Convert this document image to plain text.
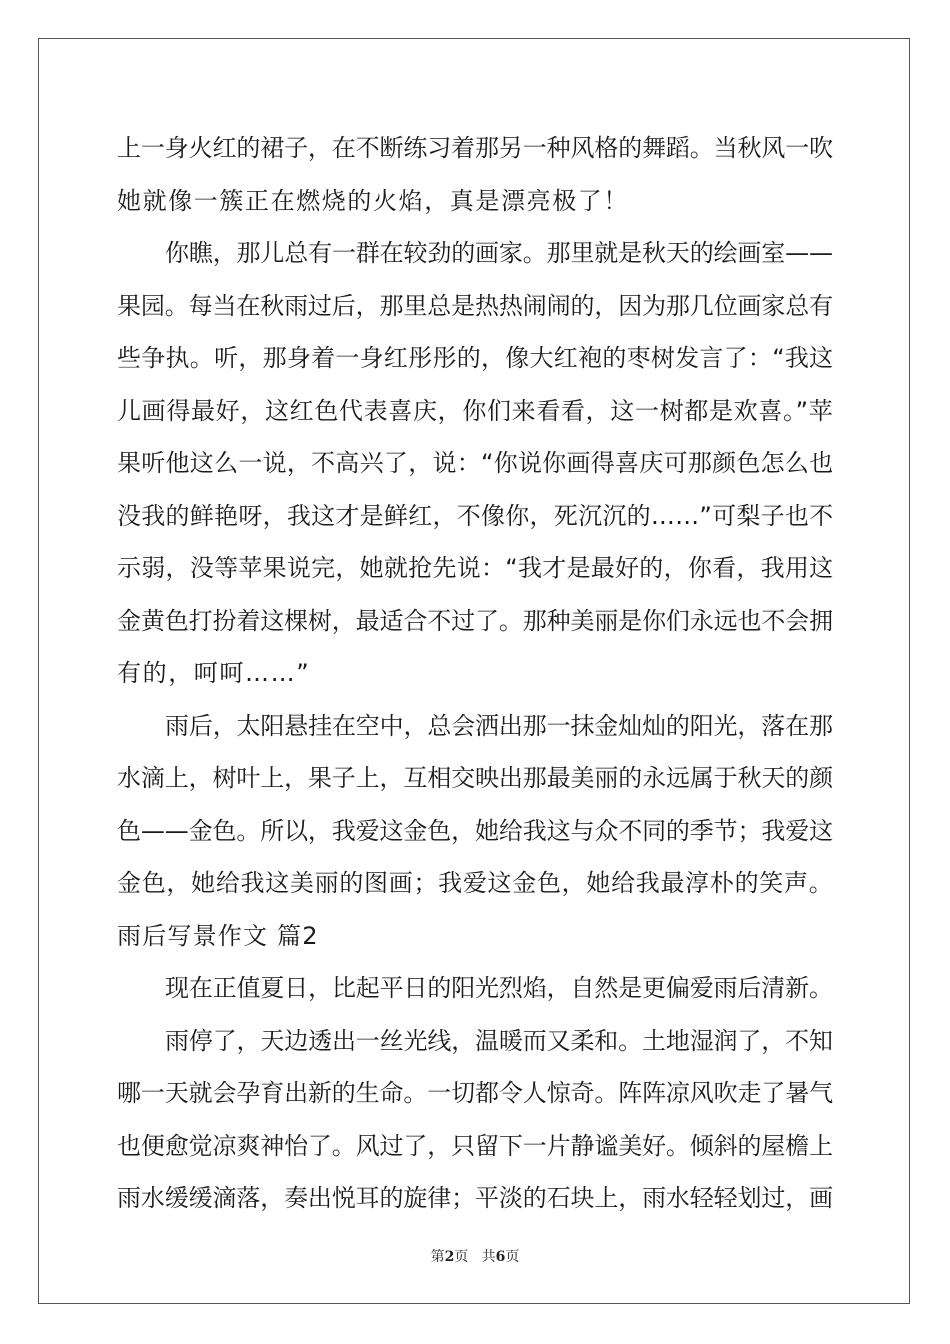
上一身火红的裙子，在不断练习着那另一种风格的舞蹈。当秋风一吹
她就像一簇正在燃烧的火焰，真是漂亮极了！
你瞧，那儿总有一群在较劲的画家。那里就是秋天的绘画室——
果园。每当在秋雨过后，那里总是热热闹闹的，因为那几位画家总有
些争执。听，那身着一身红彤彤的，像大红袍的枣树发言了：“我这
儿画得最好，这红色代表喜庆，你们来看看，这一树都是欢喜。”苹
果听他这么一说，不高兴了，说：“你说你画得喜庆可那颜色怎么也
没我的鲜艳呀，我这才是鲜红，不像你，死沉沉的……”可梨子也不
示弱，没等苹果说完，她就抢先说：“我才是最好的，你看，我用这
金黄色打扮着这棵树，最适合不过了。那种美丽是你们永远也不会拥
有的，呵呵……”
雨后，太阳悬挂在空中，总会洒出那一抹金灿灿的阳光，落在那
水滴上，树叶上，果子上，互相交映出那最美丽的永远属于秋天的颜
色——金色。所以，我爱这金色，她给我这与众不同的季节；我爱这
金色，她给我这美丽的图画；我爱这金色，她给我最淳朴的笑声。
雨后写景作文 篇2
现在正值夏日，比起平日的阳光烈焰，自然是更偏爱雨后清新。
雨停了，天边透出一丝光线，温暖而又柔和。土地湿润了，不知
哪一天就会孕育出新的生命。一切都令人惊奇。阵阵凉风吹走了暑气
也便愈觉凉爽神怡了。风过了，只留下一片静谧美好。倾斜的屋檐上
雨水缓缓滴落，奏出悦耳的旋律；平淡的石块上，雨水轻轻划过，画
第2页 共6页
